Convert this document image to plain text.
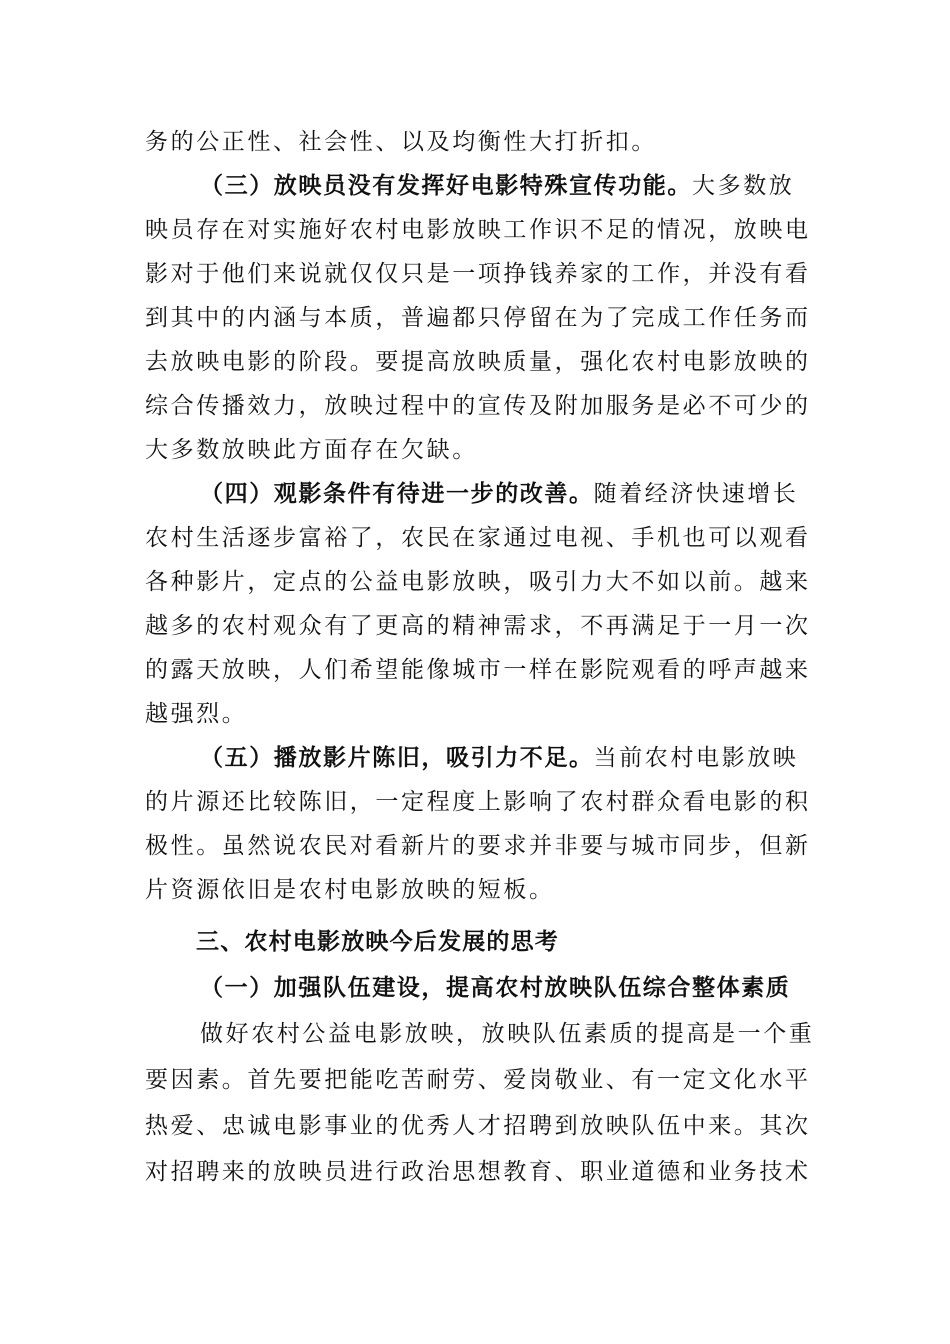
务的公正性、社会性、以及均衡性大打折扣。
（三）放映员没有发挥好电影特殊宣传功能。大多数放
映员存在对实施好农村电影放映工作识不足的情况，放映电
影对于他们来说就仅仅只是一项挣钱养家的工作，并没有看
到其中的内涵与本质，普遍都只停留在为了完成工作任务而
去放映电影的阶段。要提高放映质量，强化农村电影放映的
综合传播效力，放映过程中的宣传及附加服务是必不可少的
大多数放映此方面存在欠缺。
（四）观影条件有待进一步的改善。随着经济快速增长
农村生活逐步富裕了，农民在家通过电视、手机也可以观看
各种影片，定点的公益电影放映，吸引力大不如以前。越来
越多的农村观众有了更高的精神需求，不再满足于一月一次
的露天放映，人们希望能像城市一样在影院观看的呼声越来
越强烈。
（五）播放影片陈旧，吸引力不足。当前农村电影放映
的片源还比较陈旧，一定程度上影响了农村群众看电影的积
极性。虽然说农民对看新片的要求并非要与城市同步，但新
片资源依旧是农村电影放映的短板。
三、农村电影放映今后发展的思考
（一）加强队伍建设，提高农村放映队伍综合整体素质
做好农村公益电影放映，放映队伍素质的提高是一个重
要因素。首先要把能吃苦耐劳、爱岗敬业、有一定文化水平
热爱、忠诚电影事业的优秀人才招聘到放映队伍中来。其次
对招聘来的放映员进行政治思想教育、职业道德和业务技术
